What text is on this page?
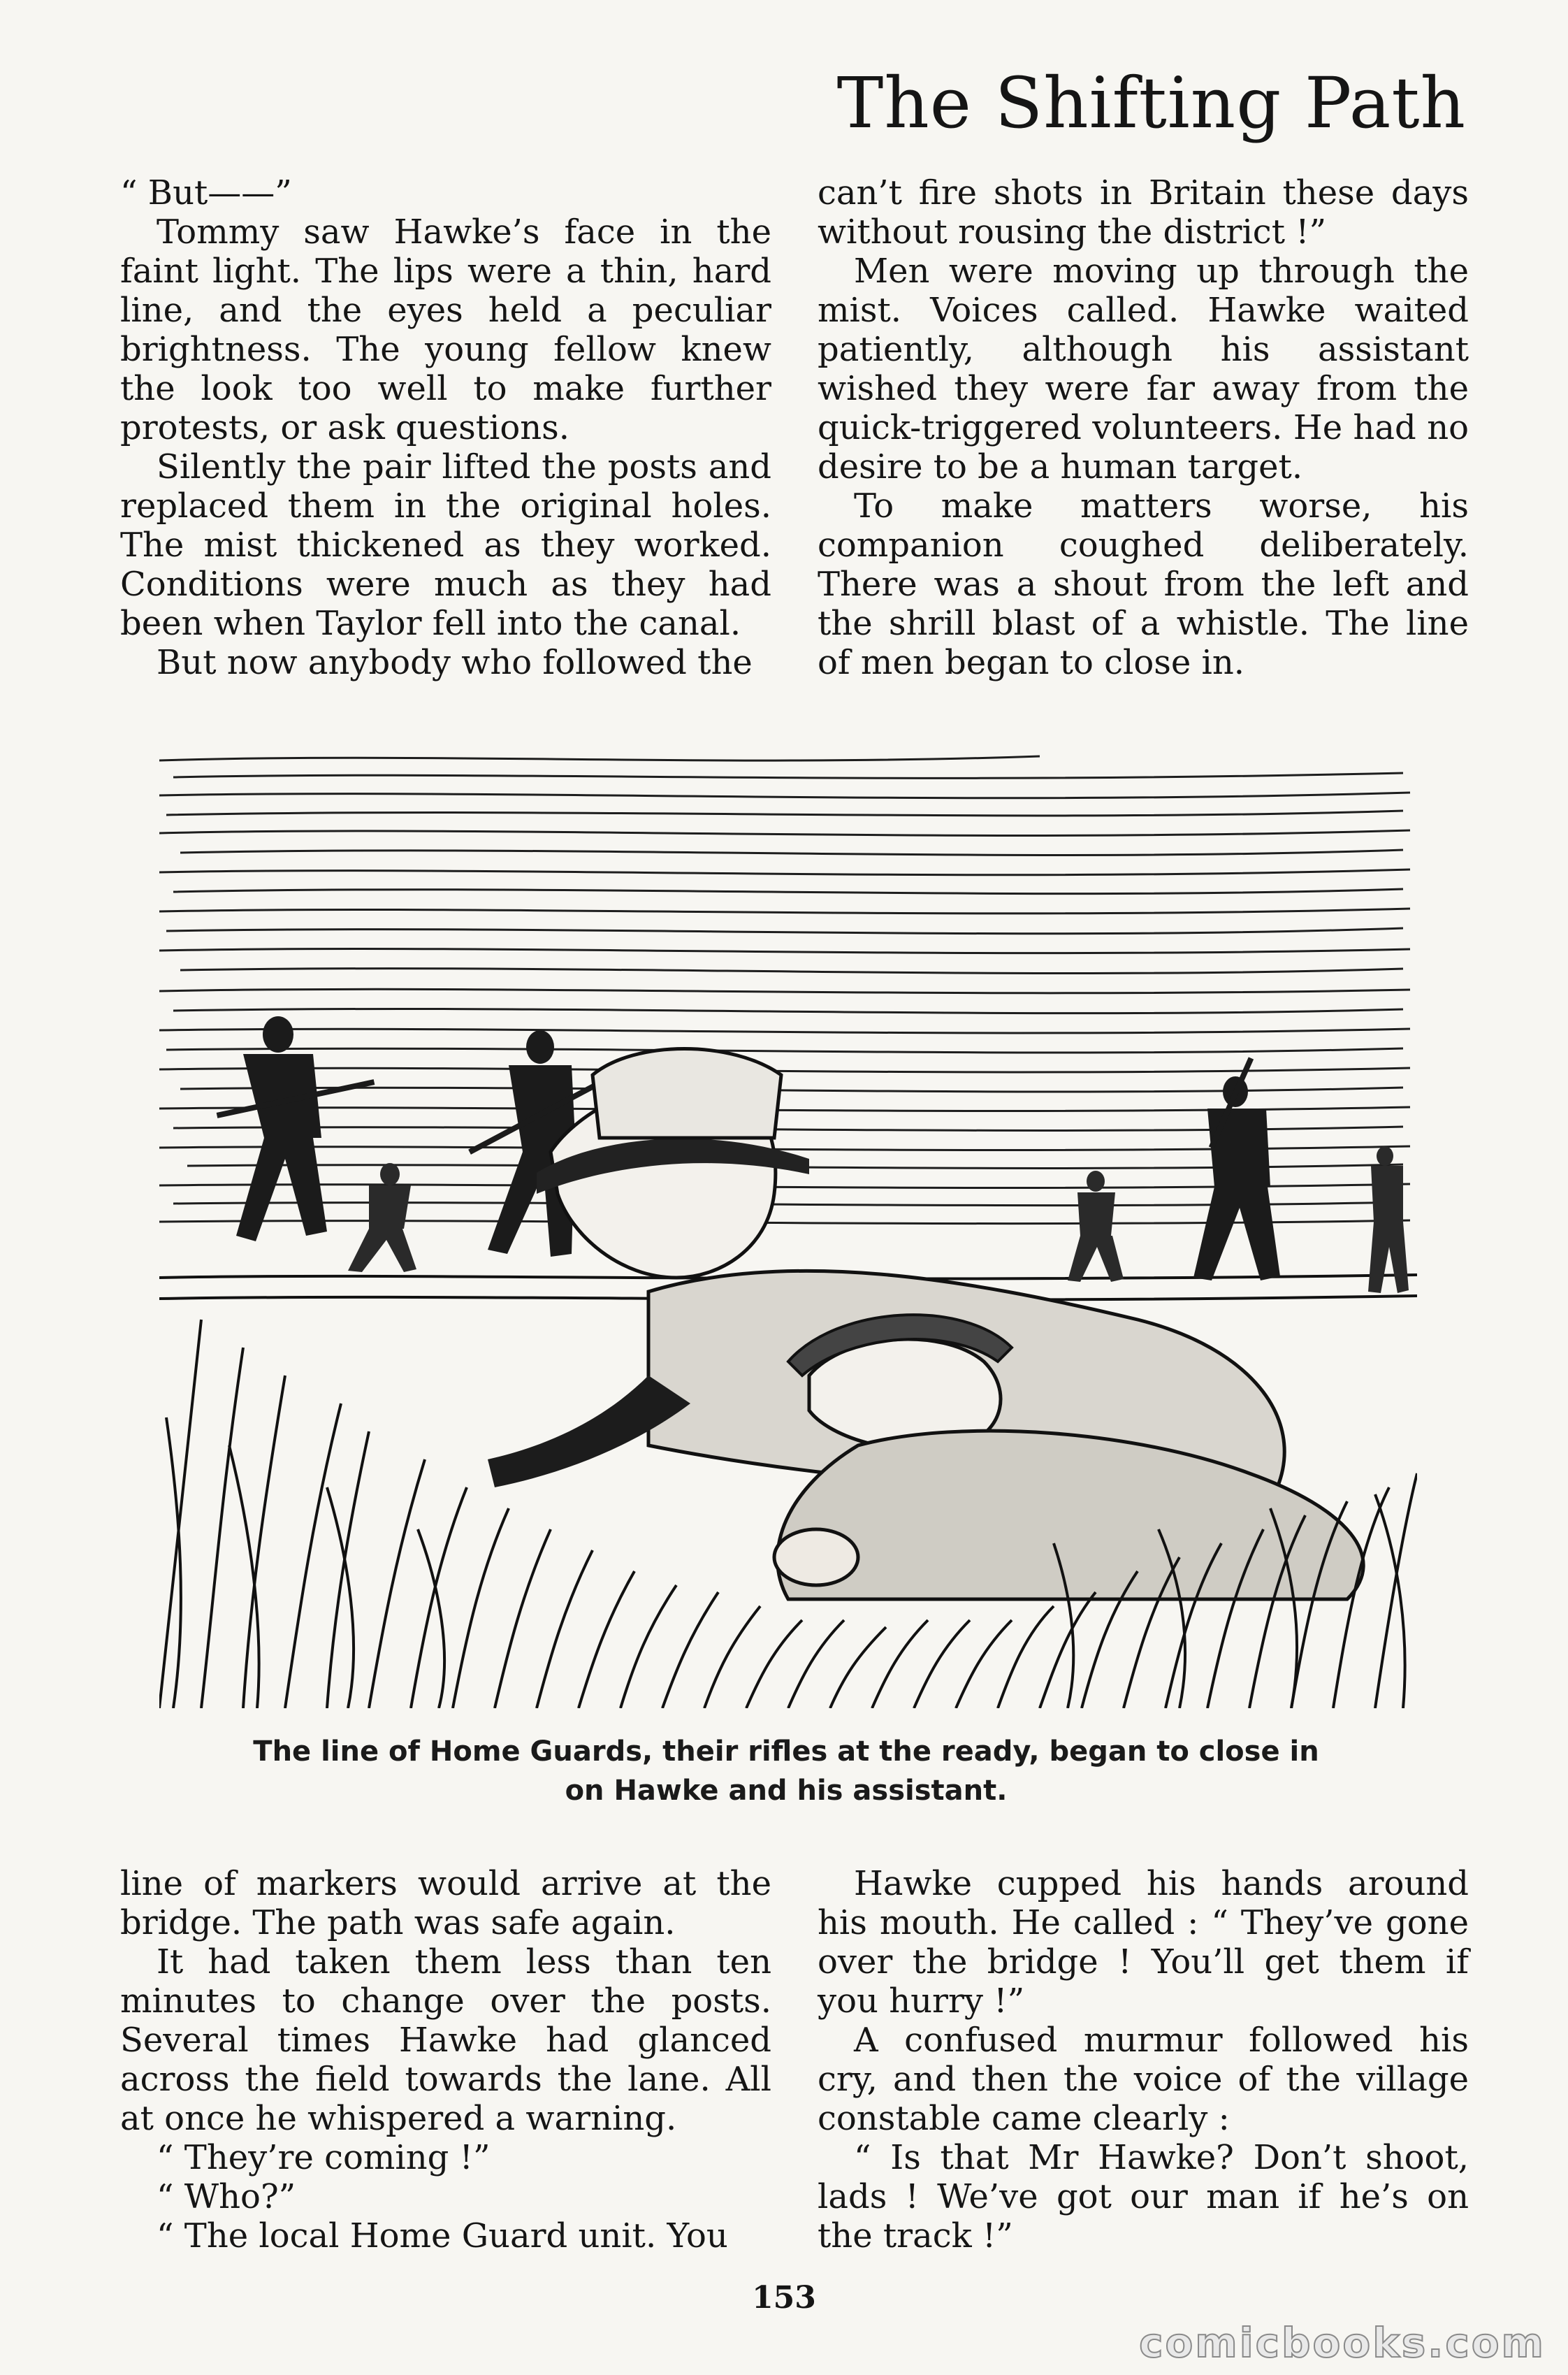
The Shifting Path

“ But——”

Tommy saw Hawke’s face in the faint light. The lips were a thin, hard line, and the eyes held a peculiar brightness. The young fellow knew the look too well to make further protests, or ask questions.

Silently the pair lifted the posts and replaced them in the original holes. The mist thickened as they worked. Conditions were much as they had been when Taylor fell into the canal.

But now anybody who followed the

can’t fire shots in Britain these days without rousing the district !”

Men were moving up through the mist. Voices called. Hawke waited patiently, although his assistant wished they were far away from the quick-triggered volunteers. He had no desire to be a human target.

To make matters worse, his companion coughed deliberately. There was a shout from the left and the shrill blast of a whistle. The line of men began to close in.

The line of Home Guards, their rifles at the ready, began to close in
on Hawke and his assistant.

line of markers would arrive at the bridge. The path was safe again.

It had taken them less than ten minutes to change over the posts. Several times Hawke had glanced across the field towards the lane. All at once he whispered a warning.

“ They’re coming !”

“ Who?”

“ The local Home Guard unit. You

Hawke cupped his hands around his mouth. He called : “ They’ve gone over the bridge ! You’ll get them if you hurry !”

A confused murmur followed his cry, and then the voice of the village constable came clearly :

“ Is that Mr Hawke? Don’t shoot, lads ! We’ve got our man if he’s on the track !”

153
comicbooks.com
